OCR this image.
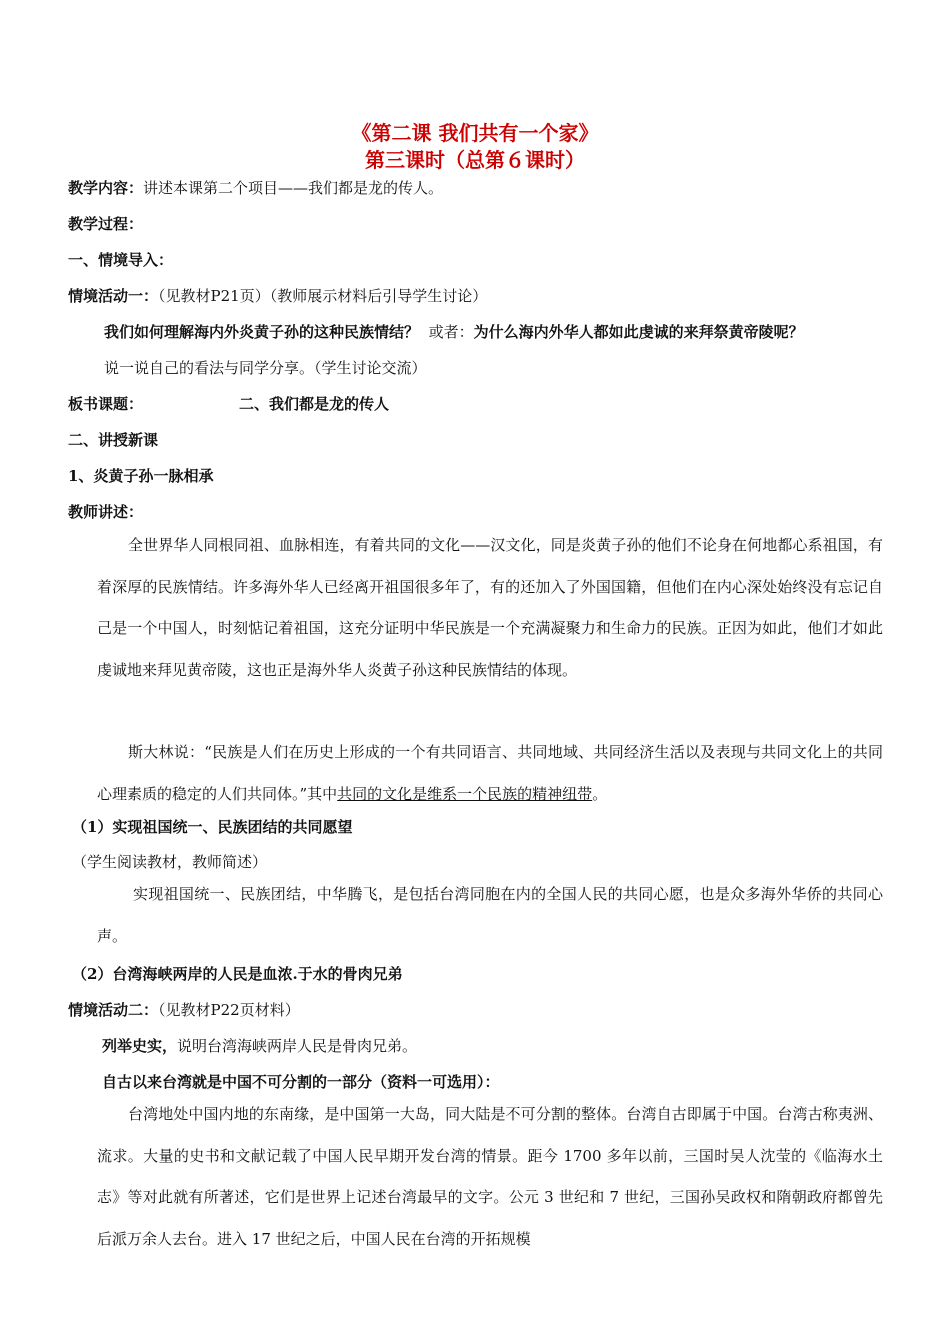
《第二课 我们共有一个家》
第三课时（总第６课时）
教学内容：讲述本课第二个项目——我们都是龙的传人。
教学过程：
一、情境导入：
情境活动一：（见教材P21页）（教师展示材料后引导学生讨论）
我们如何理解海内外炎黄子孙的这种民族情结？ 或者：为什么海内外华人都如此虔诚的来拜祭黄帝陵呢？
说一说自己的看法与同学分享。（学生讨论交流）
板书课题：	二、我们都是龙的传人
二、讲授新课
1、炎黄子孙一脉相承
教师讲述：
全世界华人同根同祖、血脉相连，有着共同的文化——汉文化，同是炎黄子孙的他们不论身在何地都心系祖国，有着深厚的民族情结。许多海外华人已经离开祖国很多年了，有的还加入了外国国籍，但他们在内心深处始终没有忘记自己是一个中国人，时刻惦记着祖国，这充分证明中华民族是一个充满凝聚力和生命力的民族。正因为如此，他们才如此虔诚地来拜见黄帝陵，这也正是海外华人炎黄子孙这种民族情结的体现。
斯大林说：“民族是人们在历史上形成的一个有共同语言、共同地域、共同经济生活以及表现与共同文化上的共同心理素质的稳定的人们共同体。”其中共同的文化是维系一个民族的精神纽带。
（1）实现祖国统一、民族团结的共同愿望
（学生阅读教材，教师简述）
实现祖国统一、民族团结，中华腾飞，是包括台湾同胞在内的全国人民的共同心愿，也是众多海外华侨的共同心声。
（2）台湾海峡两岸的人民是血浓.于水的骨肉兄弟
情境活动二：（见教材P22页材料）
列举史实，说明台湾海峡两岸人民是骨肉兄弟。
自古以来台湾就是中国不可分割的一部分（资料一可选用）：
台湾地处中国内地的东南缘，是中国第一大岛，同大陆是不可分割的整体。台湾自古即属于中国。台湾古称夷洲、流求。大量的史书和文献记载了中国人民早期开发台湾的情景。距今 1700 多年以前，三国时吴人沈莹的《临海水土志》等对此就有所著述，它们是世界上记述台湾最早的文字。公元 3 世纪和 7 世纪，三国孙吴政权和隋朝政府都曾先后派万余人去台。进入 17 世纪之后，中国人民在台湾的开拓规模
